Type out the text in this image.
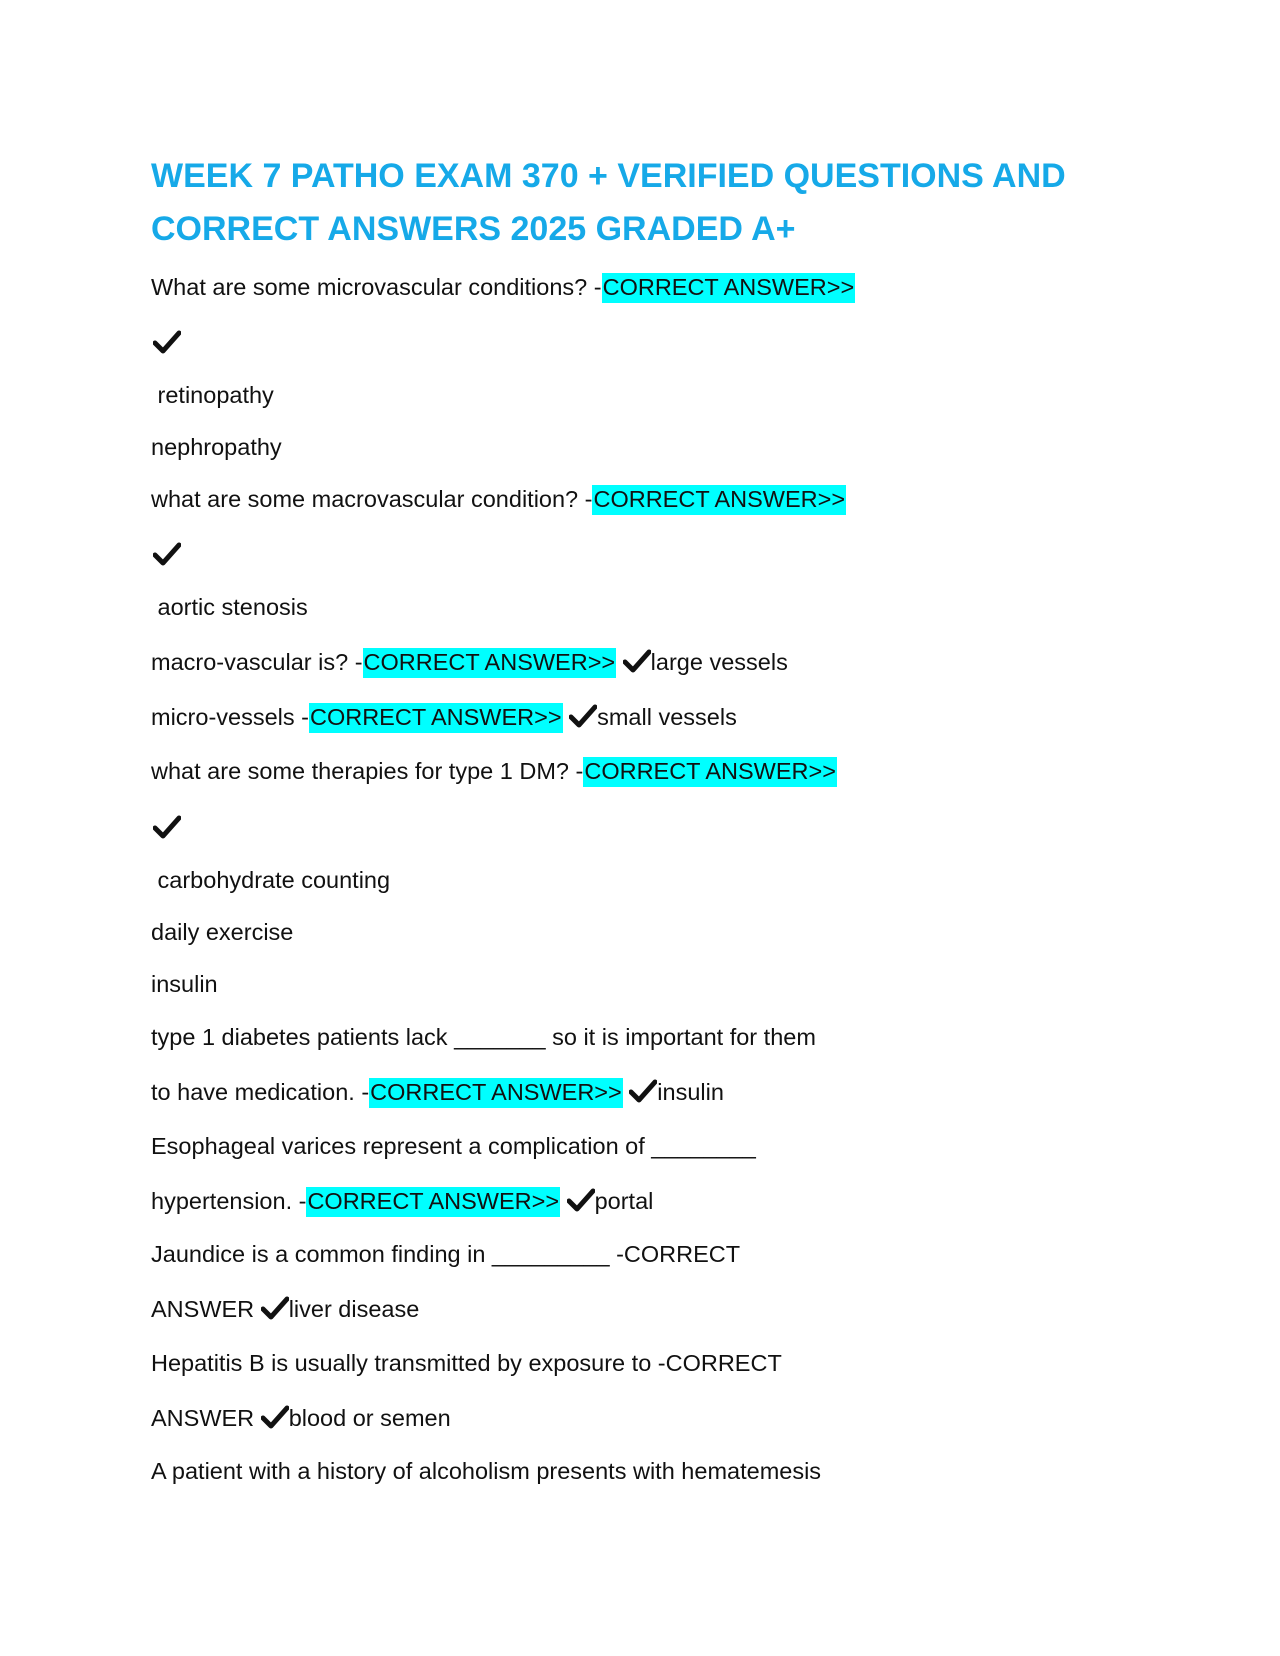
WEEK 7 PATHO EXAM 370 + VERIFIED QUESTIONS AND CORRECT ANSWERS 2025 GRADED A+
What are some microvascular conditions? -CORRECT ANSWER>>
retinopathy
nephropathy
what are some macrovascular condition? -CORRECT ANSWER>>
aortic stenosis
macro-vascular is? -CORRECT ANSWER>> large vessels
micro-vessels -CORRECT ANSWER>> small vessels
what are some therapies for type 1 DM? -CORRECT ANSWER>>
carbohydrate counting
daily exercise
insulin
type 1 diabetes patients lack _______ so it is important for them
to have medication. -CORRECT ANSWER>> insulin
Esophageal varices represent a complication of ________
hypertension. -CORRECT ANSWER>> portal
Jaundice is a common finding in _________ -CORRECT
ANSWER liver disease
Hepatitis B is usually transmitted by exposure to -CORRECT
ANSWER blood or semen
A patient with a history of alcoholism presents with hematemesis
